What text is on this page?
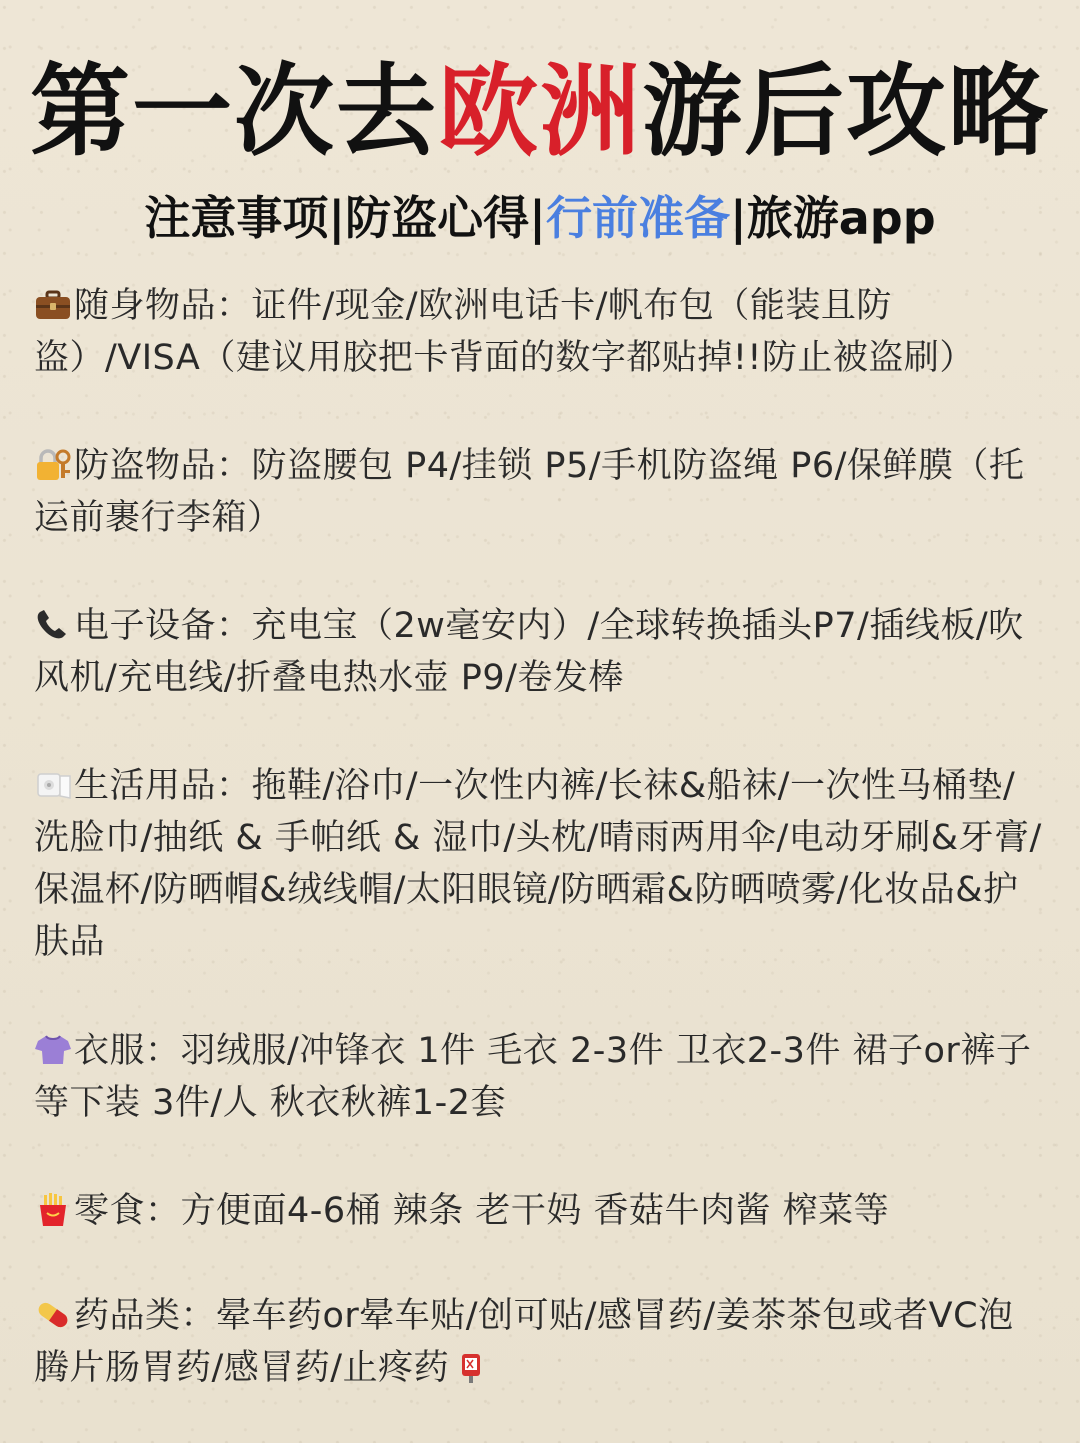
第一次去欧洲游后攻略
注意事项|防盗心得|行前准备|旅游app
随身物品：证件/现金/欧洲电话卡/帆布包（能装且防盗）/VISA（建议用胶把卡背面的数字都贴掉!!防止被盗刷）
防盗物品：防盗腰包 P4/挂锁 P5/手机防盗绳 P6/保鲜膜（托运前裹行李箱）
电子设备：充电宝（2w毫安内）/全球转换插头P7/插线板/吹风机/充电线/折叠电热水壶 P9/卷发棒
生活用品：拖鞋/浴巾/一次性内裤/长袜&船袜/一次性马桶垫/洗脸巾/抽纸 & 手帕纸 & 湿巾/头枕/晴雨两用伞/电动牙刷&牙膏/保温杯/防晒帽&绒线帽/太阳眼镜/防晒霜&防晒喷雾/化妆品&护肤品
衣服：羽绒服/冲锋衣 1件 毛衣 2-3件 卫衣2-3件 裙子or裤子等下装 3件/人 秋衣秋裤1-2套
零食：方便面4-6桶 辣条 老干妈 香菇牛肉酱 榨菜等
药品类：晕车药or晕车贴/创可贴/感冒药/姜茶茶包或者VC泡腾片肠胃药/感冒药/止疼药
